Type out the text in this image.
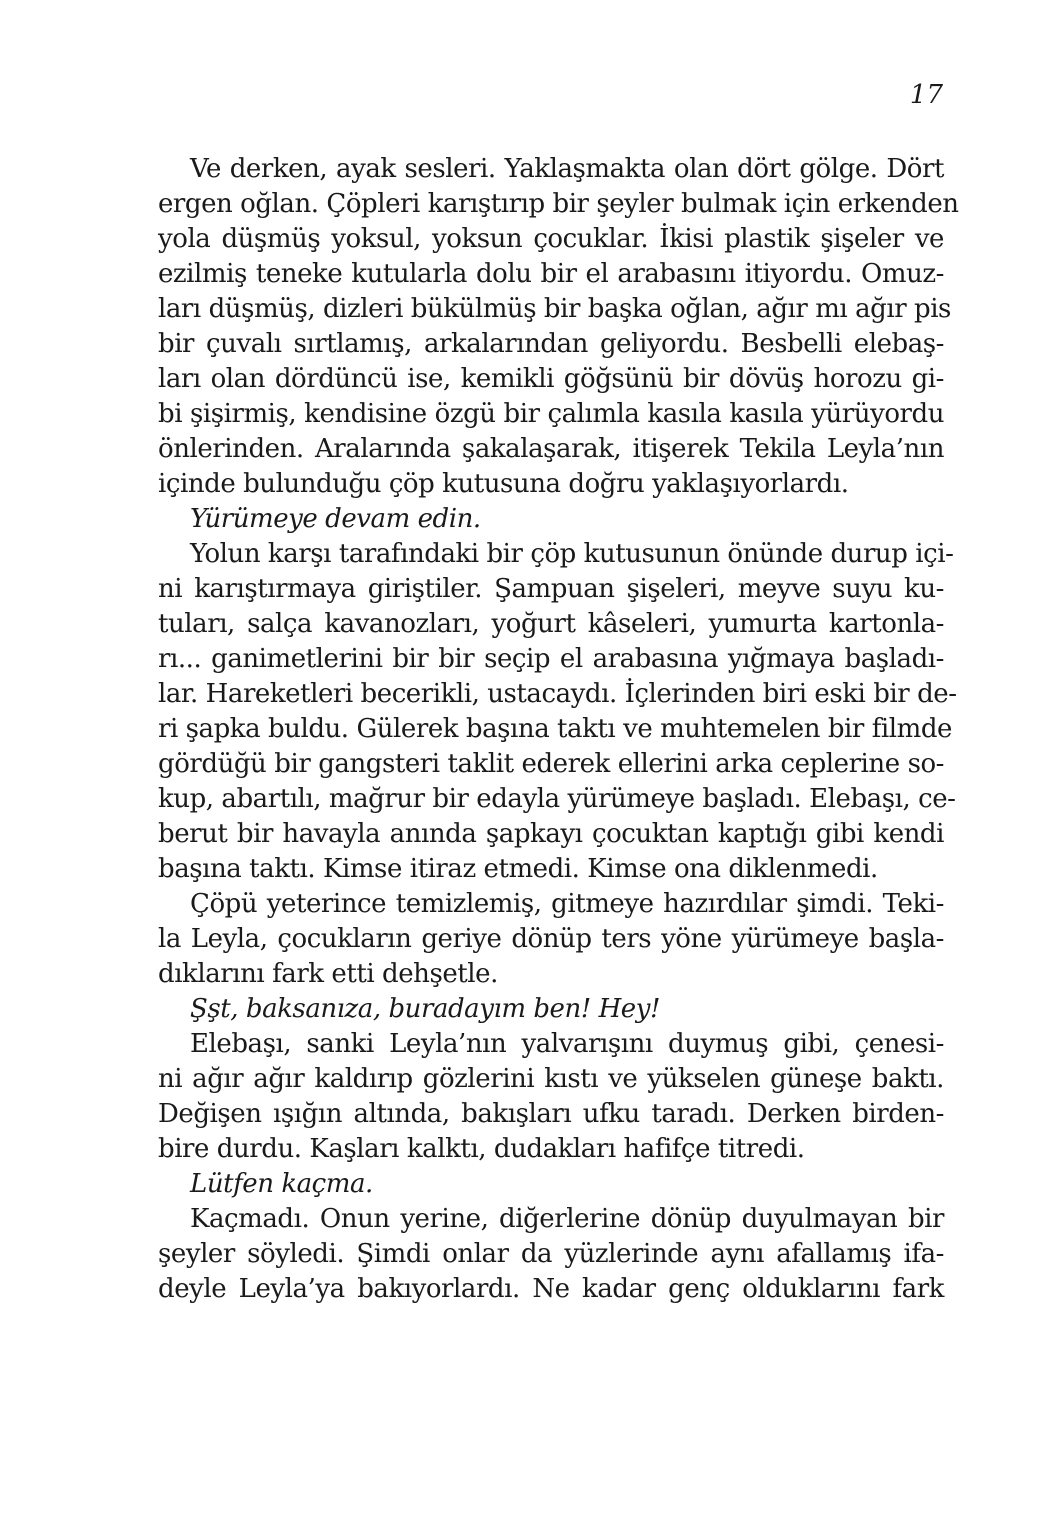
17
Ve derken, ayak sesleri. Yaklaşmakta olan dört gölge. Dört
ergen oğlan. Çöpleri karıştırıp bir şeyler bulmak için erkenden
yola düşmüş yoksul, yoksun çocuklar. İkisi plastik şişeler ve
ezilmiş teneke kutularla dolu bir el arabasını itiyordu. Omuz-
ları düşmüş, dizleri bükülmüş bir başka oğlan, ağır mı ağır pis
bir çuvalı sırtlamış, arkalarından geliyordu. Besbelli elebaş-
ları olan dördüncü ise, kemikli göğsünü bir dövüş horozu gi-
bi şişirmiş, kendisine özgü bir çalımla kasıla kasıla yürüyordu
önlerinden. Aralarında şakalaşarak, itişerek Tekila Leyla’nın
içinde bulunduğu çöp kutusuna doğru yaklaşıyorlardı.
Yürümeye devam edin.
Yolun karşı tarafındaki bir çöp kutusunun önünde durup içi-
ni karıştırmaya giriştiler. Şampuan şişeleri, meyve suyu ku-
tuları, salça kavanozları, yoğurt kâseleri, yumurta kartonla-
rı... ganimetlerini bir bir seçip el arabasına yığmaya başladı-
lar. Hareketleri becerikli, ustacaydı. İçlerinden biri eski bir de-
ri şapka buldu. Gülerek başına taktı ve muhtemelen bir filmde
gördüğü bir gangsteri taklit ederek ellerini arka ceplerine so-
kup, abartılı, mağrur bir edayla yürümeye başladı. Elebaşı, ce-
berut bir havayla anında şapkayı çocuktan kaptığı gibi kendi
başına taktı. Kimse itiraz etmedi. Kimse ona diklenmedi.
Çöpü yeterince temizlemiş, gitmeye hazırdılar şimdi. Teki-
la Leyla, çocukların geriye dönüp ters yöne yürümeye başla-
dıklarını fark etti dehşetle.
Şşt, baksanıza, buradayım ben! Hey!
Elebaşı, sanki Leyla’nın yalvarışını duymuş gibi, çenesi-
ni ağır ağır kaldırıp gözlerini kıstı ve yükselen güneşe baktı.
Değişen ışığın altında, bakışları ufku taradı. Derken birden-
bire durdu. Kaşları kalktı, dudakları hafifçe titredi.
Lütfen kaçma.
Kaçmadı. Onun yerine, diğerlerine dönüp duyulmayan bir
şeyler söyledi. Şimdi onlar da yüzlerinde aynı afallamış ifa-
deyle Leyla’ya bakıyorlardı. Ne kadar genç olduklarını fark
